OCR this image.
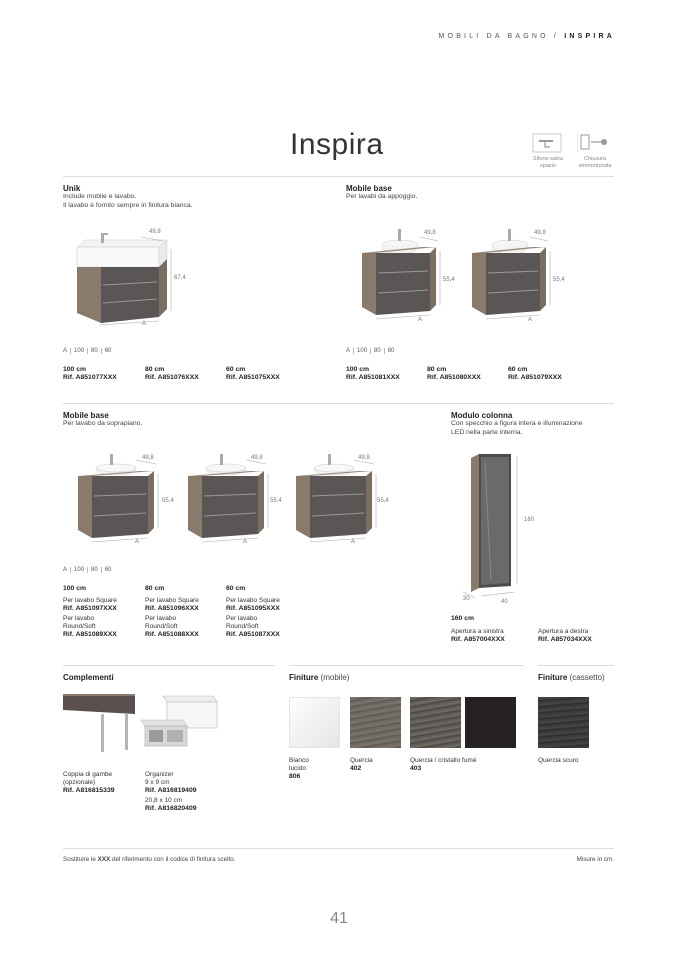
MOBILI DA BAGNO / INSPIRA
Inspira	Sifone salva
spazio
Chiusura
ammortizzata
Unik
Include mobile e lavabo.
Il lavabo è fornito sempre in finitura bianca.
49,8
67,4
A
A 100 80 60
100 cm
Rif. A851077XXX
80 cm
Rif. A851076XXX
60 cm
Rif. A851075XXX
Mobile base
Per lavabi da appoggio.
49,8
55,4
A
49,8
55,4
A
A 100 80 60
100 cm
Rif. A851081XXX
80 cm
Rif. A851080XXX
60 cm
Rif. A851079XXX
Mobile base
Per lavabo da soprapiano.
49,8
55,4
A
49,8
55,4
A
49,8
55,4
A
A 100 80 60
100 cm
Per lavabo Square
Rif. A851097XXX
Per lavabo
Round/Soft
Rif. A851089XXX
80 cm
Per lavabo Square
Rif. A851096XXX
Per lavabo
Round/Soft
Rif. A851088XXX
60 cm
Per lavabo Square
Rif. A851095XXX
Per lavabo
Round/Soft
Rif. A851087XXX
Modulo colonna
Con specchio a figura intera e illuminazione
LED nella parte interna.
160
30	40
160 cm
Apertura a sinistra
Rif. A857004XXX
Apertura a destra
Rif. A857034XXX
Complementi
Coppia di gambe
(opzionale)
Rif. A816815339
Organizer
9 x 9 cm
Rif. A816819409
20,8 x 10 cm
Rif. A816820409
Finiture (mobile)
Bianco
lucido
806
Quercia
402
Quercia / cristallo fumé
403
Finiture (cassetto)
Quercia scuro
Sostituire le XXX del riferimento con il codice di finitura scelto.	Misure in cm.
41
